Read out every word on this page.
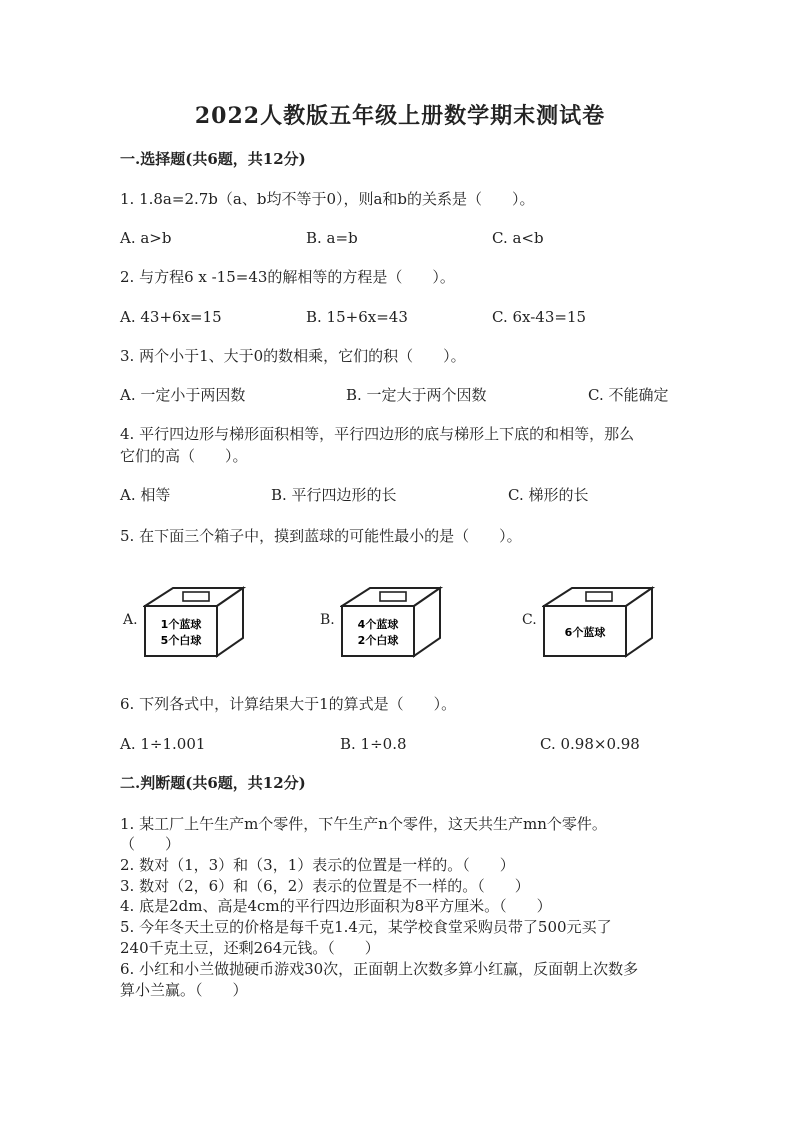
2022人教版五年级上册数学期末测试卷
一.选择题(共6题，共12分)
1. 1.8a=2.7b（a、b均不等于0），则a和b的关系是（　　）。
A. a>b	B. a=b	C. a<b
2. 与方程6 x -15=43的解相等的方程是（　　）。
A. 43+6x=15	B. 15+6x=43	C. 6x-43=15
3. 两个小于1、大于0的数相乘，它们的积（　　）。
A. 一定小于两因数	B. 一定大于两个因数	C. 不能确定
4. 平行四边形与梯形面积相等，平行四边形的底与梯形上下底的和相等，那么
它们的高（　　）。
A. 相等	B. 平行四边形的长	C. 梯形的长
5. 在下面三个箱子中，摸到蓝球的可能性最小的是（　　）。
A. 1个蓝球
5个白球
B. 4个蓝球
2个白球
C.
6个蓝球
6. 下列各式中，计算结果大于1的算式是（　　）。
A. 1÷1.001	B. 1÷0.8	C. 0.98×0.98
二.判断题(共6题，共12分)
1. 某工厂上午生产m个零件，下午生产n个零件，这天共生产mn个零件。
（　　）
2. 数对（1，3）和（3，1）表示的位置是一样的。（　　）
3. 数对（2，6）和（6，2）表示的位置是不一样的。（　　）
4. 底是2dm、高是4cm的平行四边形面积为8平方厘米。（　　）
5. 今年冬天土豆的价格是每千克1.4元，某学校食堂采购员带了500元买了
240千克土豆，还剩264元钱。（　　）
6. 小红和小兰做抛硬币游戏30次，正面朝上次数多算小红赢，反面朝上次数多
算小兰赢。（　　）
